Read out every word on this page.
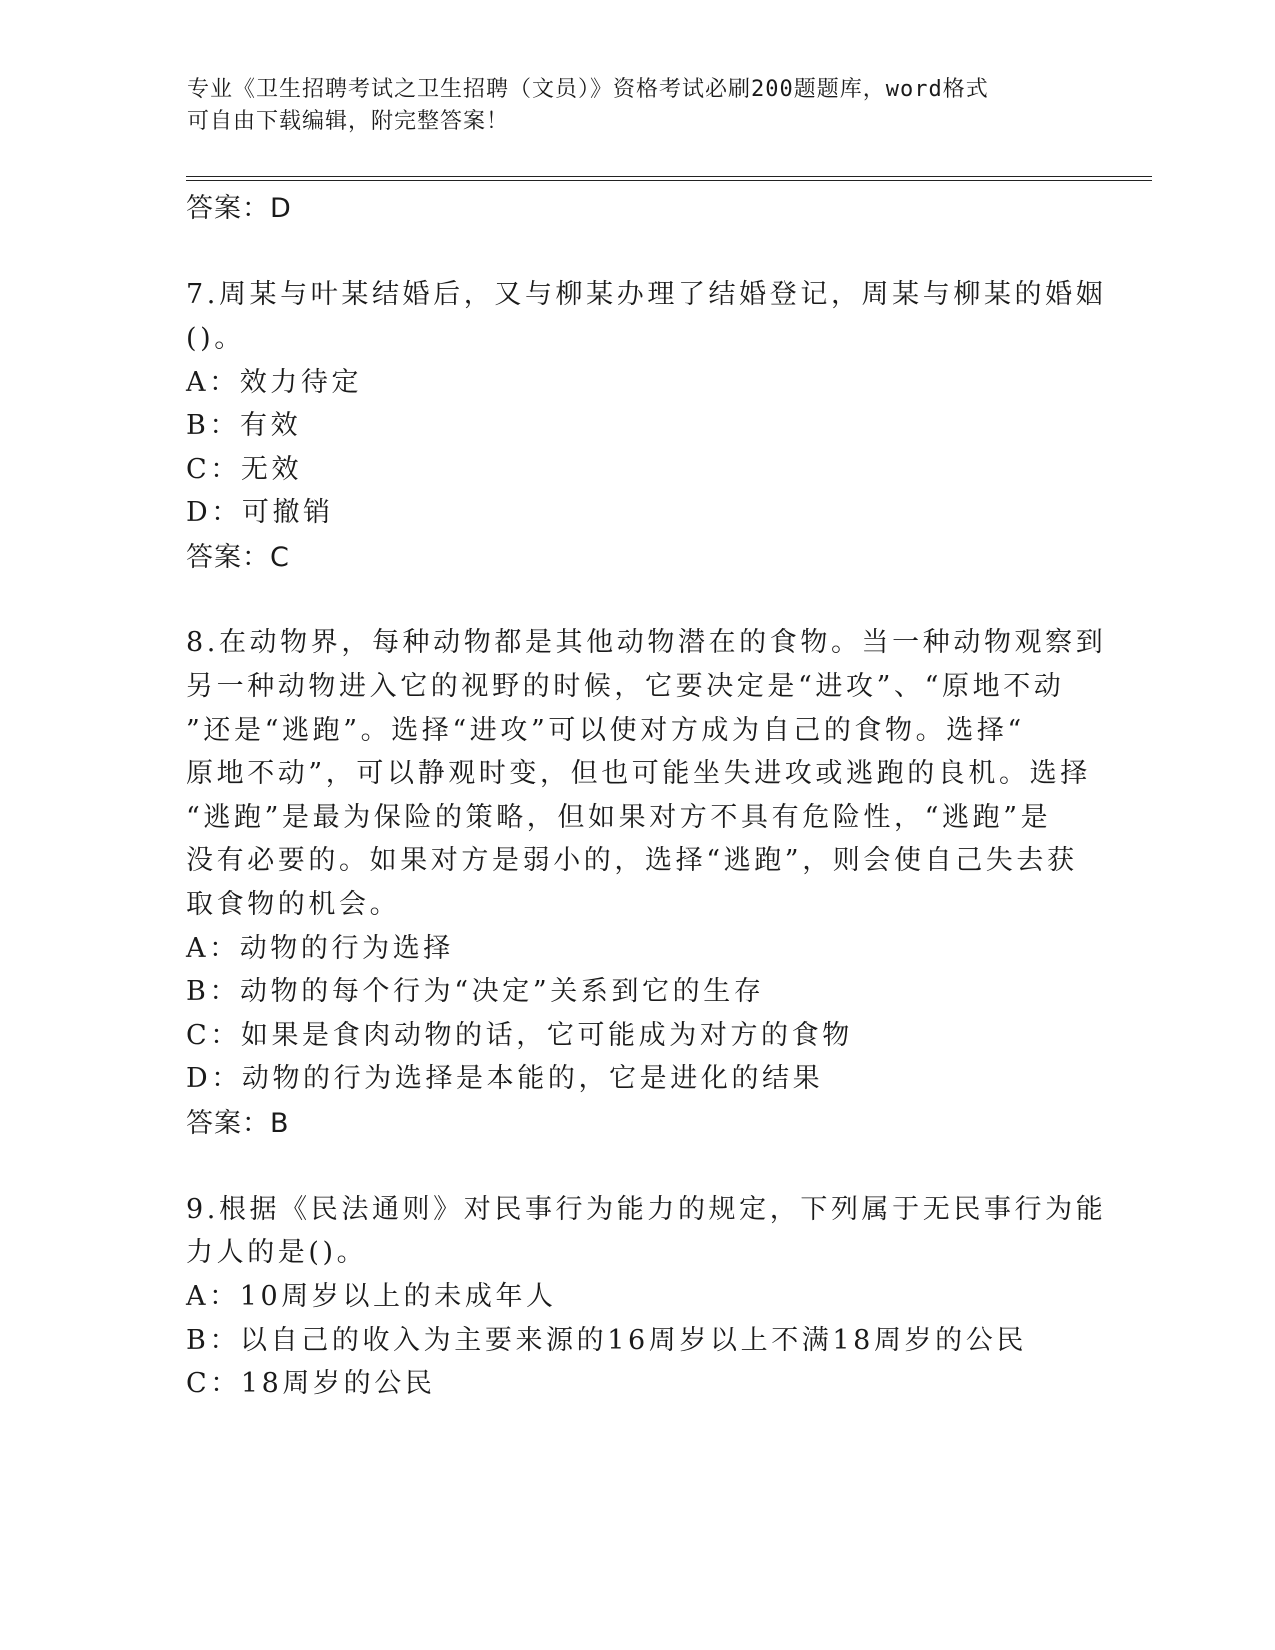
专业《卫生招聘考试之卫生招聘（文员）》资格考试必刷200题题库，word格式
可自由下载编辑，附完整答案！
答案：D
7.周某与叶某结婚后，又与柳某办理了结婚登记，周某与柳某的婚姻
()。
A：效力待定
B：有效
C：无效
D：可撤销
答案：C
8.在动物界，每种动物都是其他动物潜在的食物。当一种动物观察到
另一种动物进入它的视野的时候，它要决定是“进攻”、“原地不动
”还是“逃跑”。选择“进攻”可以使对方成为自己的食物。选择“
原地不动”，可以静观时变，但也可能坐失进攻或逃跑的良机。选择
“逃跑”是最为保险的策略，但如果对方不具有危险性，“逃跑”是
没有必要的。如果对方是弱小的，选择“逃跑”，则会使自己失去获
取食物的机会。
A：动物的行为选择
B：动物的每个行为“决定”关系到它的生存
C：如果是食肉动物的话，它可能成为对方的食物
D：动物的行为选择是本能的，它是进化的结果
答案：B
9.根据《民法通则》对民事行为能力的规定，下列属于无民事行为能
力人的是()。
A：10周岁以上的未成年人
B：以自己的收入为主要来源的16周岁以上不满18周岁的公民
C：18周岁的公民
